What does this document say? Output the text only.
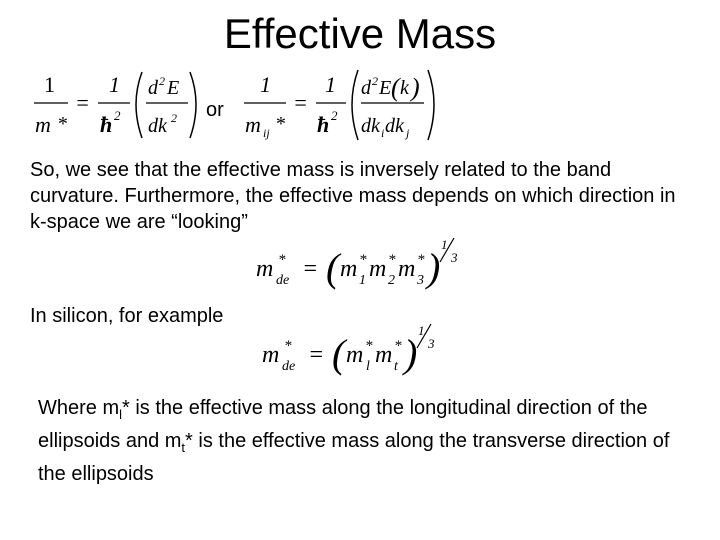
Effective Mass
1
m *
=
1
ħ 2
d 2 E
dk 2 or
1
m ij *
=
1
ħ 2
d 2 E ( k )
dk i dk j
So, we see that the effective mass is inversely related to the band curvature. Furthermore, the effective mass depends on which direction in k-space we are “looking”
m *
de = ( m *
1 m *
2 m *
3 )
1
3
In silicon, for example
m *
de = ( m *
l m *
t )
1
3
Where $m_l*$ is the effective mass along the longitudinal direction of the ellipsoids and $m_t*$ is the effective mass along the transverse direction of the ellipsoids
